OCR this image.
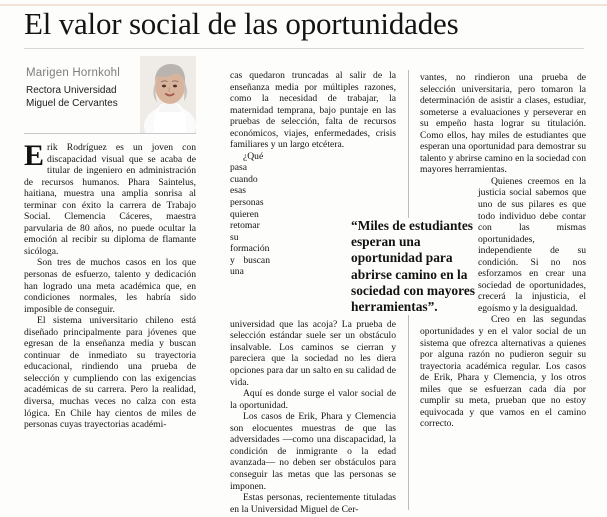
El valor social de las oportunidades
Marigen Hornkohl
Rectora Universidad
Miguel de Cervantes

Erik Rodríguez es un joven con discapacidad visual que se acaba de titular de ingeniero en administración de recursos humanos. Phara Saintelus, haitiana, muestra una amplia sonrisa al terminar con éxito la carrera de Trabajo Social. Clemencia Cáceres, maestra parvularia de 80 años, no puede ocultar la emoción al recibir su diploma de flamante sicóloga.

Son tres de muchos casos en los que personas de esfuerzo, talento y dedicación han logrado una meta académica que, en condiciones normales, les habría sido imposible de conseguir.

El sistema universitario chileno está diseñado principalmente para jóvenes que egresan de la enseñanza media y buscan continuar de inmediato su trayectoria educacional, rindiendo una prueba de selección y cumpliendo con las exigencias académicas de su carrera. Pero la realidad, diversa, muchas veces no calza con esta lógica. En Chile hay cientos de miles de personas cuyas trayectorias académi-

cas quedaron truncadas al salir de la enseñanza media por múltiples razones, como la necesidad de trabajar, la maternidad temprana, bajo puntaje en las pruebas de selección, falta de recursos económicos, viajes, enfermedades, crisis familiares y un largo etcétera.

¿Qué pasa cuando esas personas quieren retomar su formación y buscan una universidad que las acoja? La prueba de selección estándar suele ser un obstáculo insalvable. Los caminos se cierran y pareciera que la sociedad no les diera opciones para dar un salto en su calidad de vida.

Aquí es donde surge el valor social de la oportunidad.

Los casos de Erik, Phara y Clemencia son elocuentes muestras de que las adversidades —como una discapacidad, la condición de inmigrante o la edad avanzada— no deben ser obstáculos para conseguir las metas que las personas se imponen.

Estas personas, recientemente tituladas en la Universidad Miguel de Cer-

vantes, no rindieron una prueba de selección universitaria, pero tomaron la determinación de asistir a clases, estudiar, someterse a evaluaciones y perseverar en su empeño hasta lograr su titulación. Como ellos, hay miles de estudiantes que esperan una oportunidad para demostrar su talento y abrirse camino en la sociedad con mayores herramientas.

Quienes creemos en la justicia social sabemos que uno de sus pilares es que todo individuo debe contar con las mismas oportunidades, independiente de su condición. Si no nos esforzamos en crear una sociedad de oportunidades, crecerá la injusticia, el egoísmo y la desigualdad.

Creo en las segundas oportunidades y en el valor social de un sistema que ofrezca alternativas a quienes por alguna razón no pudieron seguir su trayectoria académica regular. Los casos de Erik, Phara y Clemencia, y los otros miles que se esfuerzan cada día por cumplir su meta, prueban que no estoy equivocada y que vamos en el camino correcto.

“Miles de estudiantes esperan una oportunidad para abrirse camino en la sociedad con mayores herramientas”.
